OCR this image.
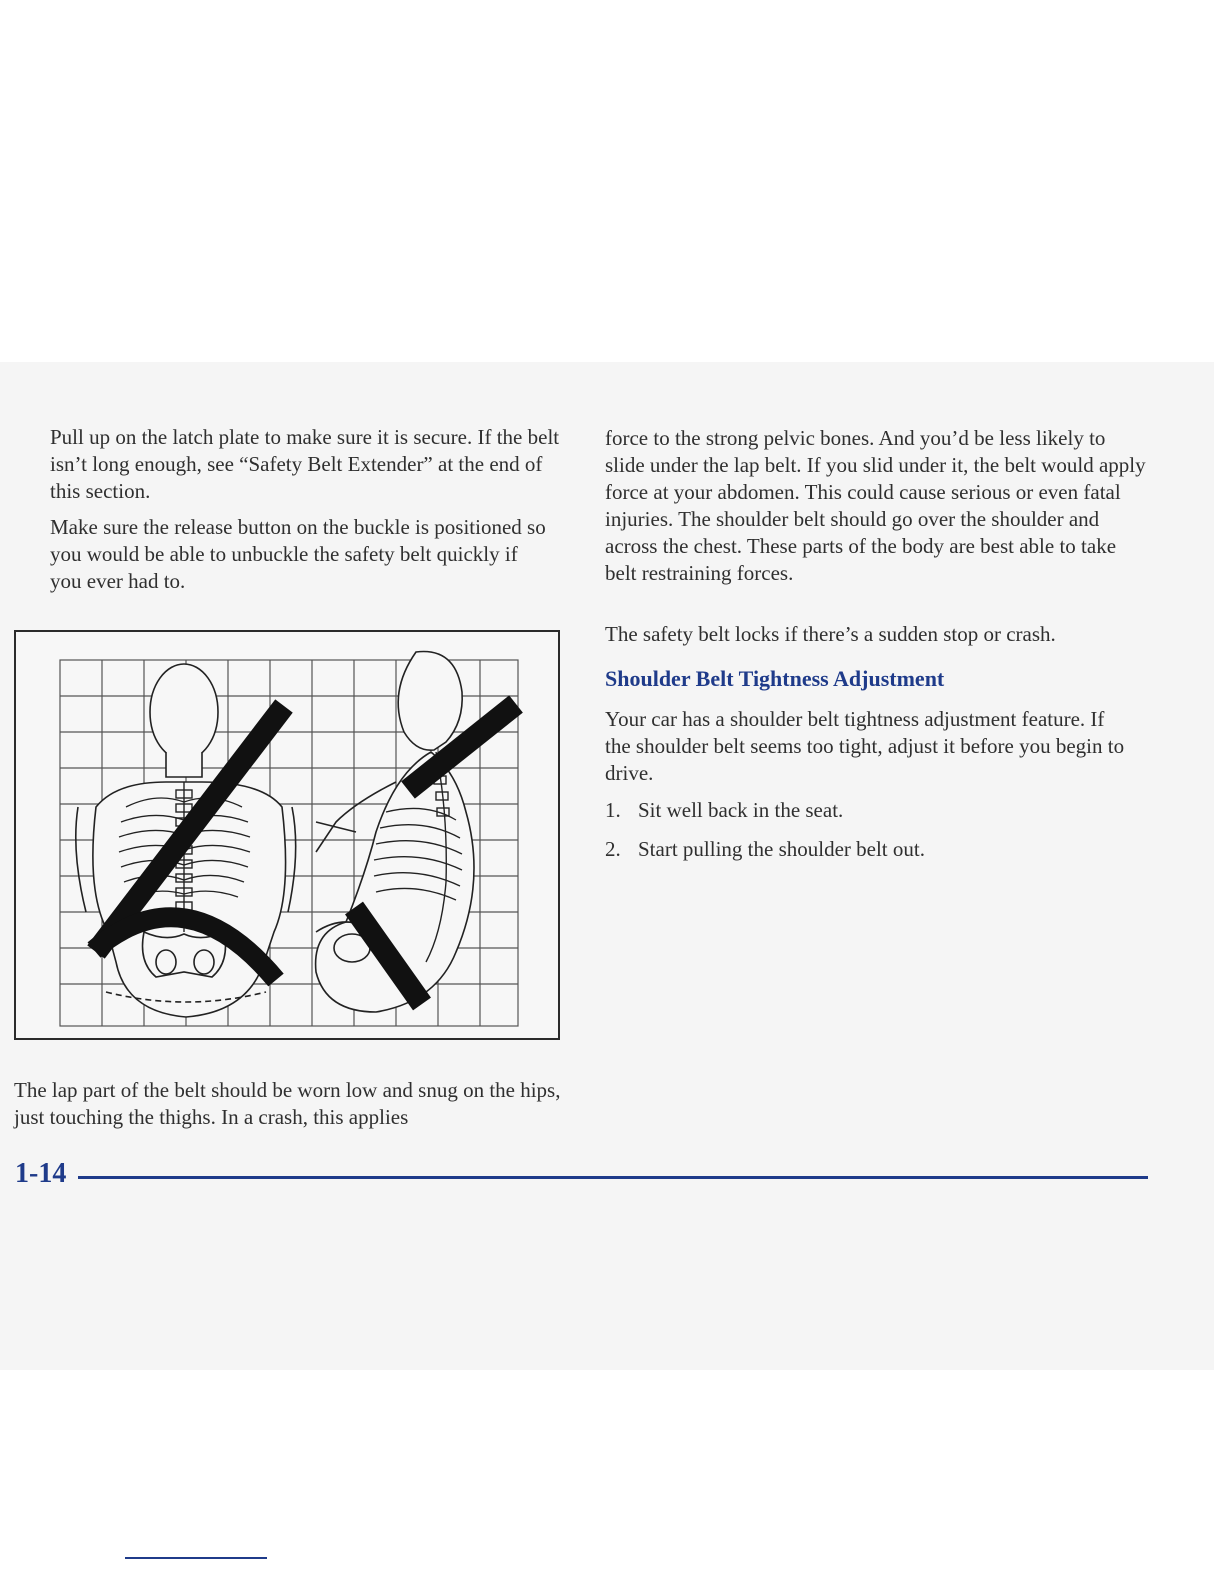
Pull up on the latch plate to make sure it is secure. If the belt isn’t long enough, see “Safety Belt Extender” at the end of this section.

Make sure the release button on the buckle is positioned so you would be able to unbuckle the safety belt quickly if you ever had to.

The lap part of the belt should be worn low and snug on the hips, just touching the thighs. In a crash, this applies

force to the strong pelvic bones. And you’d be less likely to slide under the lap belt. If you slid under it, the belt would apply force at your abdomen. This could cause serious or even fatal injuries. The shoulder belt should go over the shoulder and across the chest. These parts of the body are best able to take belt restraining forces.

The safety belt locks if there’s a sudden stop or crash.

Shoulder Belt Tightness Adjustment

Your car has a shoulder belt tightness adjustment feature. If the shoulder belt seems too tight, adjust it before you begin to drive.

1. Sit well back in the seat.
2. Start pulling the shoulder belt out.
1-14
